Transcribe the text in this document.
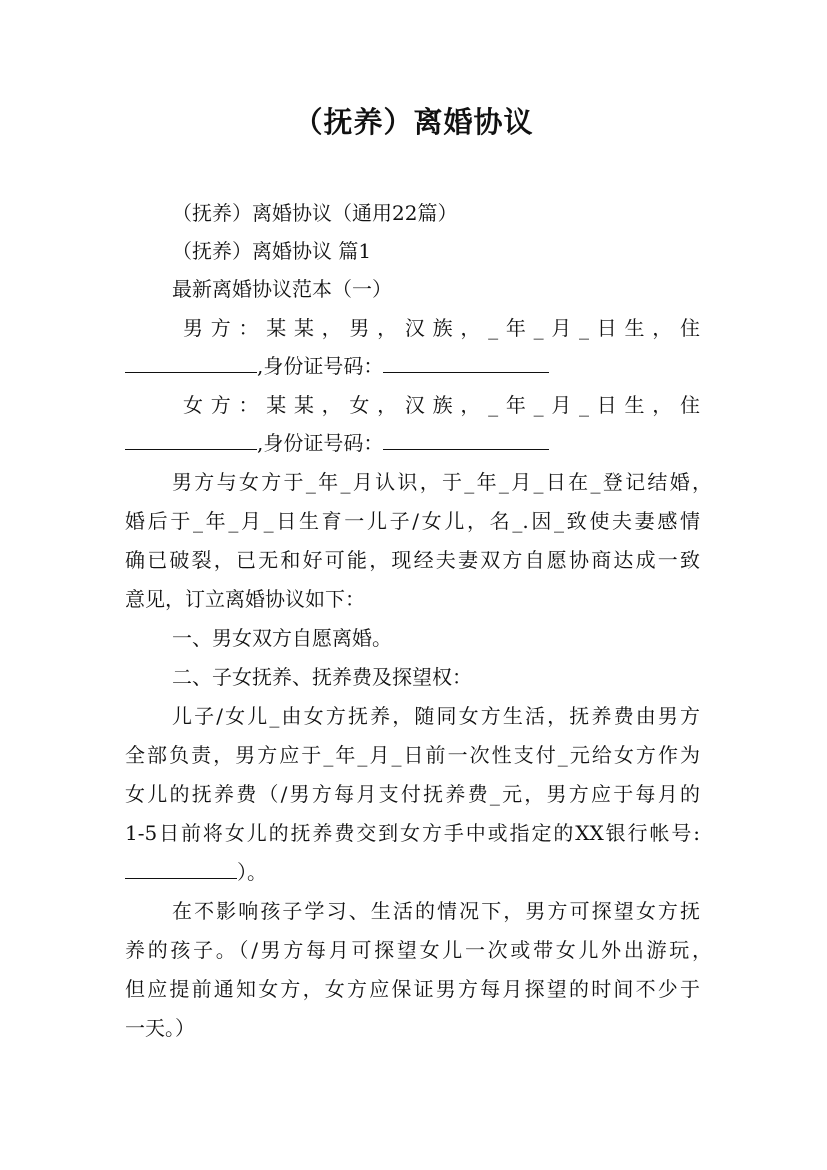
（抚养）离婚协议
（抚养）离婚协议（通用22篇）
（抚养）离婚协议 篇1
最新离婚协议范本（一）
男方：某某，男，汉族，_年_月_日生，住
,身份证号码：
女方：某某，女，汉族，_年_月_日生，住
,身份证号码：
男方与女方于_年_月认识，于_年_月_日在_登记结婚，
婚后于_年_月_日生育一儿子/女儿，名_.因_致使夫妻感情
确已破裂，已无和好可能，现经夫妻双方自愿协商达成一致
意见，订立离婚协议如下：
一、男女双方自愿离婚。
二、子女抚养、抚养费及探望权：
儿子/女儿_由女方抚养，随同女方生活，抚养费由男方
全部负责，男方应于_年_月_日前一次性支付_元给女方作为
女儿的抚养费（/男方每月支付抚养费_元，男方应于每月的
1-5日前将女儿的抚养费交到女方手中或指定的XX银行帐号:
）。
在不影响孩子学习、生活的情况下，男方可探望女方抚
养的孩子。（/男方每月可探望女儿一次或带女儿外出游玩，
但应提前通知女方，女方应保证男方每月探望的时间不少于
一天。）
